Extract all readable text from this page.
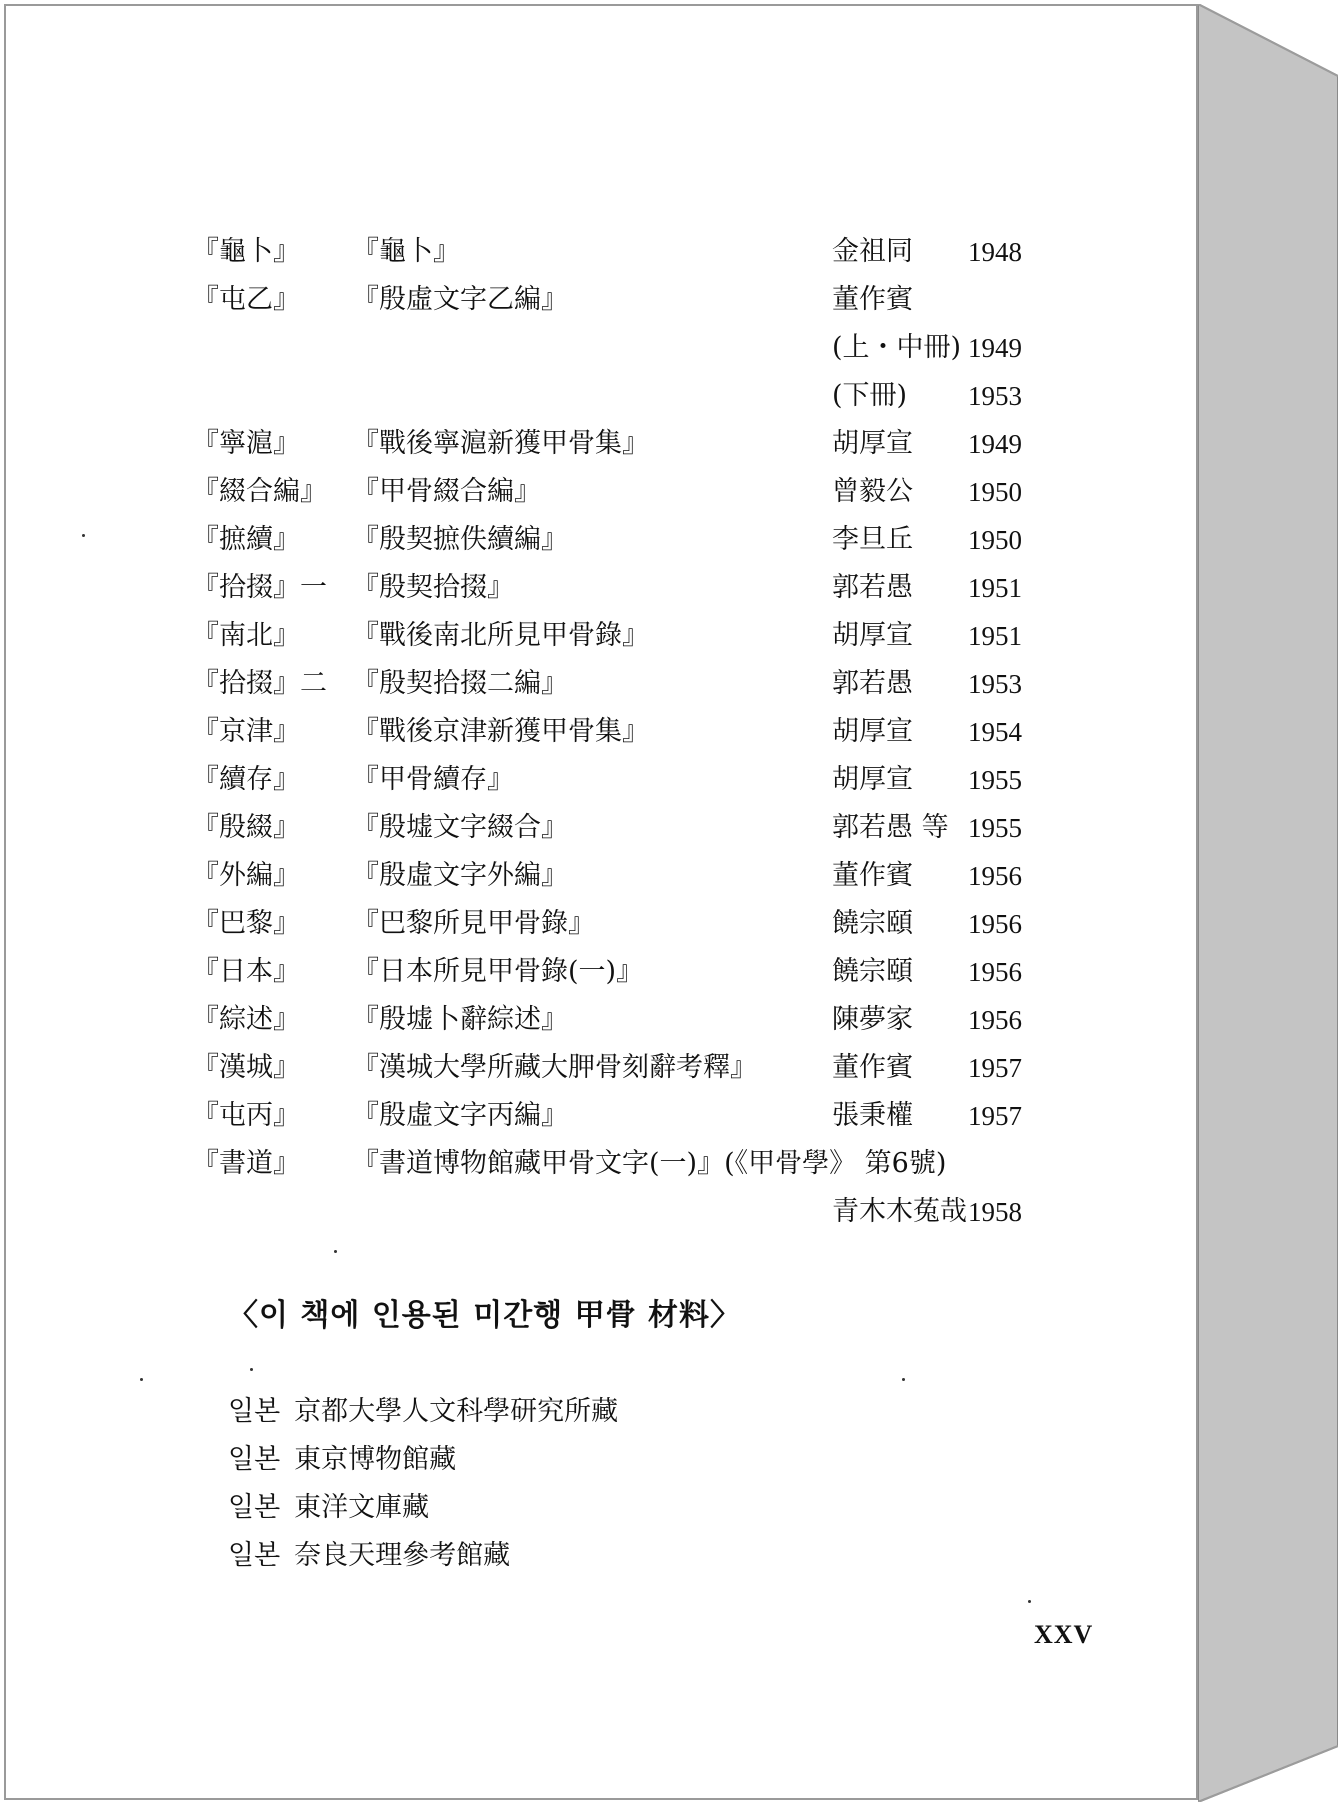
『龜卜』 『龜卜』	金祖同 1948
『屯乙』 『殷虛文字乙編』	董作賓
(上・中冊) 1949
(下冊) 1953
『寧滬』 『戰後寧滬新獲甲骨集』	胡厚宣 1949
『綴合編』 『甲骨綴合編』	曾毅公 1950
『摭續』 『殷契摭佚續編』	李旦丘 1950
『拾掇』 一 『殷契拾掇』	郭若愚 1951
『南北』 『戰後南北所見甲骨錄』	胡厚宣 1951
『拾掇』 二 『殷契拾掇二編』	郭若愚 1953
『京津』 『戰後京津新獲甲骨集』	胡厚宣 1954
『續存』 『甲骨續存』	胡厚宣 1955
『殷綴』 『殷墟文字綴合』	郭若愚 等 1955
『外編』 『殷虛文字外編』	董作賓 1956
『巴黎』 『巴黎所見甲骨錄』	饒宗頤 1956
『日本』 『日本所見甲骨錄(一)』	饒宗頤 1956
『綜述』 『殷墟卜辭綜述』	陳夢家 1956
『漢城』 『漢城大學所藏大胛骨刻辭考釋』	董作賓 1957
『屯丙』 『殷虛文字丙編』	張秉權 1957
『書道』 『書道博物館藏甲骨文字(一)』(《甲骨學》 第6號)
青木木菟哉 1958
〈이 책에 인용된 미간행 甲骨 材料〉
일본 京都大學人文科學研究所藏
일본 東京博物館藏
일본 東洋文庫藏
일본 奈良天理參考館藏
XXV
